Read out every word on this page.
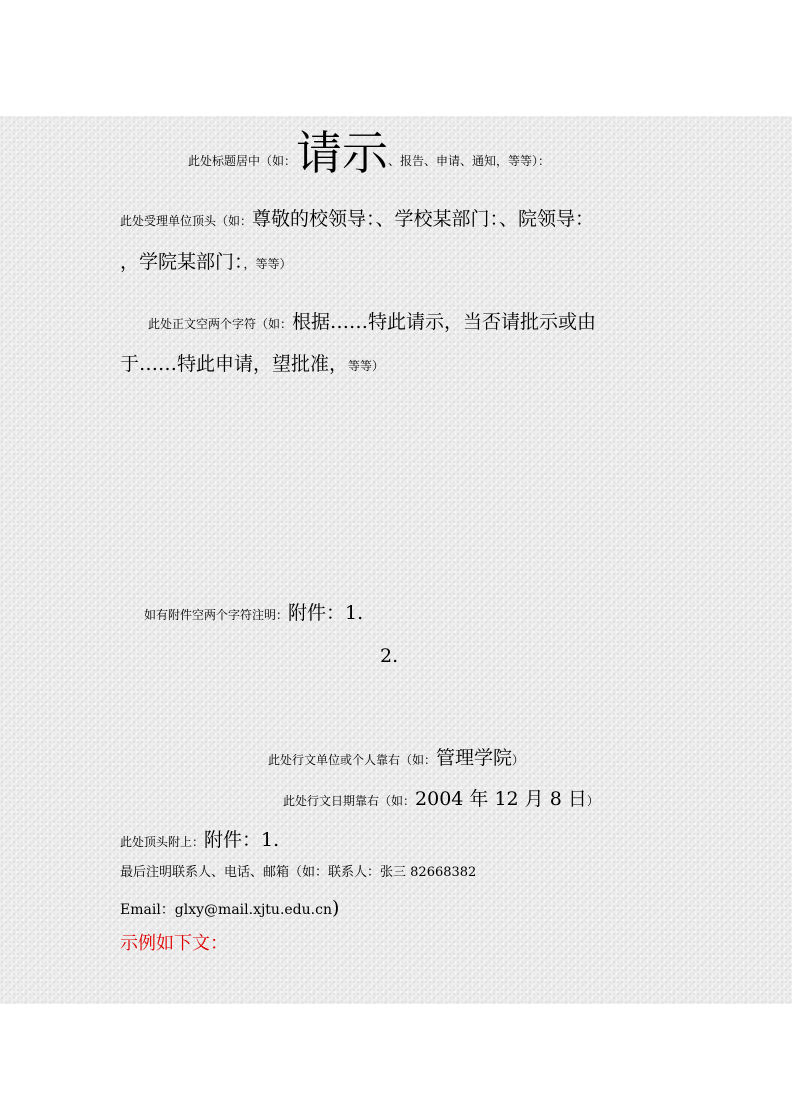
此处标题居中（如：请示、报告、申请、通知，等等）：
此处受理单位顶头（如：尊敬的校领导：、学校某部门：、院领导：
，学院某部门：，等等）
此处正文空两个字符（如：根据……特此请示，当否请批示或由
于……特此申请，望批准，等等）
如有附件空两个字符注明：附件：1.
2.
此处行文单位或个人靠右（如：管理学院）
此处行文日期靠右（如：2004 年 12 月 8 日）
此处顶头附上：附件：1.
最后注明联系人、电话、邮箱（如：联系人：张三 82668382
Email：glxy@mail.xjtu.edu.cn)
示例如下文：
